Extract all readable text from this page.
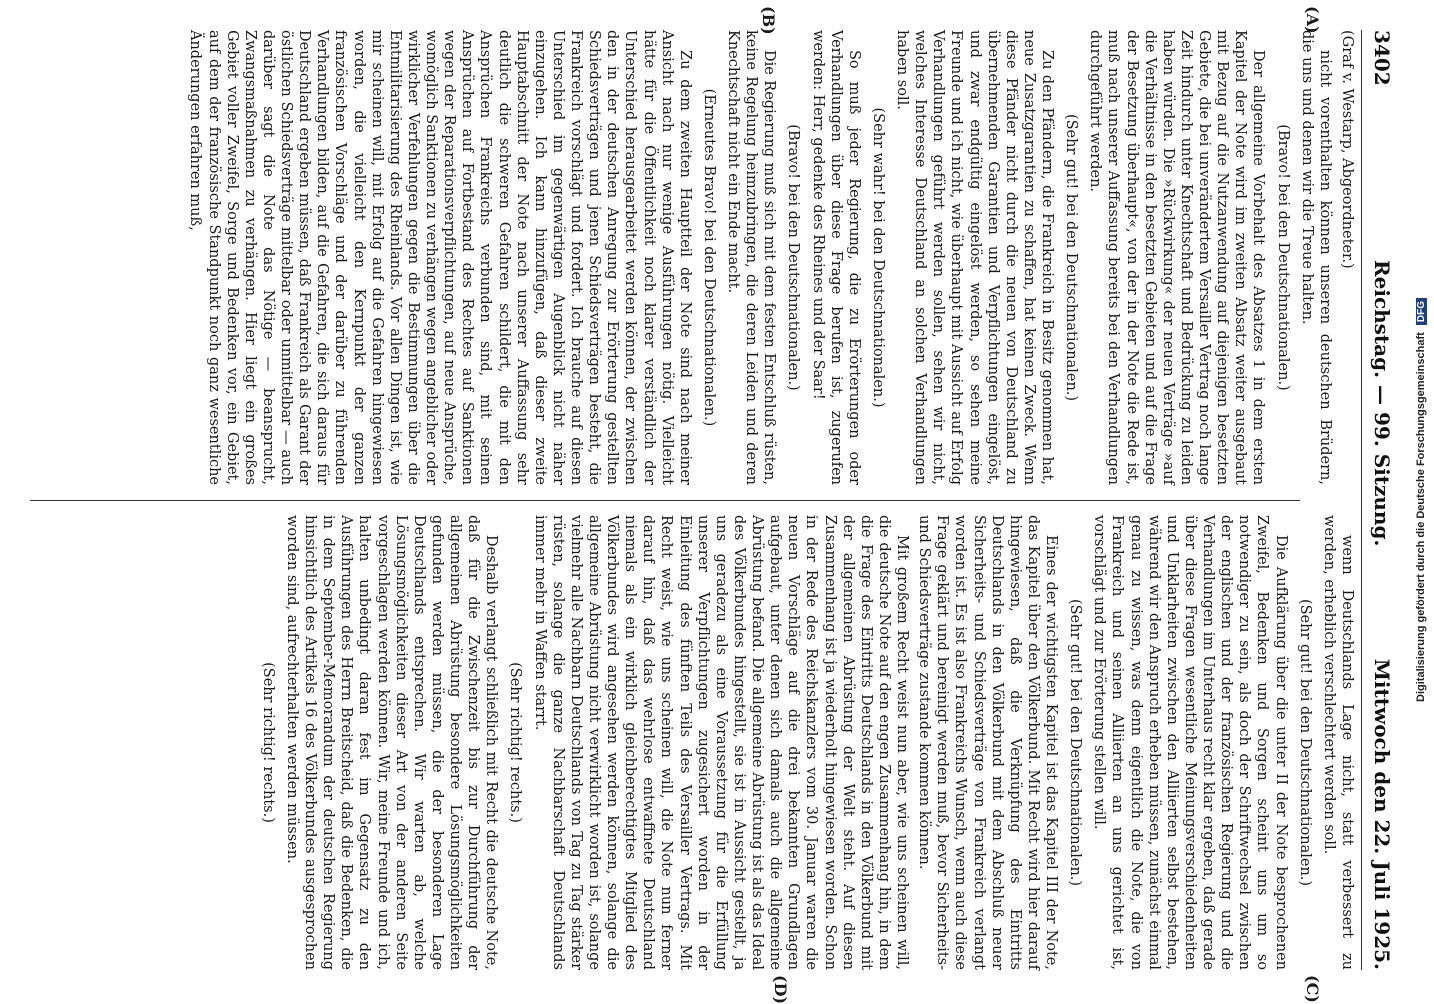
Digitalisierung gefördert durch die Deutsche Forschungsgemeinschaft DFG
3402
Reichstag. — 99. Sitzung.
Mittwoch den 22. Juli 1925.
(A)
(B)
(C)
(D)

(Graf v. Westarp, Abgeordneter.)

nicht vorenthalten können unseren deutschen Brüdern, die uns und denen wir die Treue halten.

(Bravo! bei den Deutschnationalen.)

Der allgemeine Vorbehalt des Absatzes 1 in dem ersten Kapitel der Note wird im zweiten Absatz weiter ausgebaut mit Bezug auf die Nutzanwendung auf diejenigen besetzten Gebiete, die bei unverändertem Versailler Vertrag noch lange Zeit hindurch unter Knechtschaft und Bedrückung zu leiden haben würden. Die »Rückwirkung« der neuen Verträge »auf die Verhältnisse in den besetzten Gebieten und auf die Frage der Besetzung überhaupt«, von der in der Note die Rede ist, muß nach unserer Auffassung bereits bei den Verhandlungen durchgeführt werden.

(Sehr gut! bei den Deutschnationalen.)

Zu den Pfändern, die Frankreich in Besitz genommen hat, neue Zusatzgarantien zu schaffen, hat keinen Zweck. Wenn diese Pfänder nicht durch die neuen von Deutschland zu übernehmenden Garantien und Verpflichtungen eingelöst, und zwar endgültig eingelöst werden, so sehen meine Freunde und ich nicht, wie überhaupt mit Aussicht auf Erfolg Verhandlungen geführt werden sollen, sehen wir nicht, welches Interesse Deutschland an solchen Verhandlungen haben soll.

(Sehr wahr! bei den Deutschnationalen.)

So muß jeder Regierung, die zu Erörterungen oder Verhandlungen über diese Frage berufen ist, zugerufen werden: Herr, gedenke des Rheines und der Saar!

(Bravo! bei den Deutschnationalen.)

Die Regierung muß sich mit dem festen Entschluß rüsten, keine Regelung heimzubringen, die deren Leiden und deren Knechtschaft nicht ein Ende macht.

(Erneutes Bravo! bei den Deutschnationalen.)

Zu dem zweiten Hauptteil der Note sind nach meiner Ansicht nach nur wenige Ausführungen nötig. Vielleicht hätte für die Öffentlichkeit noch klarer verständlich der Unterschied herausgearbeitet werden können, der zwischen den in der deutschen Anregung zur Erörterung gestellten Schiedsverträgen und jenen Schiedsverträgen besteht, die Frankreich vorschlägt und fordert. Ich brauche auf diesen Unterschied im gegenwärtigen Augenblick nicht näher einzugehen. Ich kann hinzufügen, daß dieser zweite Hauptabschnitt der Note nach unserer Auffassung sehr deutlich die schweren Gefahren schildert, die mit den Ansprüchen Frankreichs verbunden sind, mit seinen Ansprüchen auf Fortbestand des Rechtes auf Sanktionen wegen der Reparationsverpflichtungen, auf neue Ansprüche, womöglich Sanktionen zu verhängen wegen angeblicher oder wirklicher Verfehlungen gegen die Bestimmungen über die Entmilitarisierung des Rheinlands. Vor allen Dingen ist, wie mir scheinen will, mit Erfolg auf die Gefahren hingewiesen worden, die vielleicht den Kernpunkt der ganzen französischen Vorschläge und der darüber zu führenden Verhandlungen bilden, auf die Gefahren, die sich daraus für Deutschland ergeben müssen, daß Frankreich als Garant der östlichen Schiedsverträge mittelbar oder unmittelbar — auch darüber sagt die Note das Nötige — beansprucht, Zwangsmaßnahmen zu verhängen. Hier liegt ein großes Gebiet voller Zweifel, Sorge und Bedenken vor, ein Gebiet, auf dem der französische Standpunkt noch ganz wesentliche Änderungen erfahren muß,

wenn Deutschlands Lage nicht, statt verbessert zu werden, erheblich verschlechtert werden soll.

(Sehr gut! bei den Deutschnationalen.)

Die Aufklärung über die unter II der Note besprochenen Zweifel, Bedenken und Sorgen scheint uns um so notwendiger zu sein, als doch der Schriftwechsel zwischen der englischen und der französischen Regierung und die Verhandlungen im Unterhaus recht klar ergeben, daß gerade über diese Fragen wesentliche Meinungsverschiedenheiten und Unklarheiten zwischen den Alliierten selbst bestehen, während wir den Anspruch erheben müssen, zunächst einmal genau zu wissen, was denn eigentlich die Note, die von Frankreich und seinen Alliierten an uns gerichtet ist, vorschlägt und zur Erörterung stellen will.

(Sehr gut! bei den Deutschnationalen.)

Eines der wichtigsten Kapitel ist das Kapitel III der Note, das Kapitel über den Völkerbund. Mit Recht wird hier darauf hingewiesen, daß die Verknüpfung des Eintritts Deutschlands in den Völkerbund mit dem Abschluß neuer Sicherheits- und Schiedsverträge von Frankreich verlangt worden ist. Es ist also Frankreichs Wunsch, wenn auch diese Frage geklärt und bereinigt werden muß, bevor Sicherheits- und Schiedsverträge zustande kommen können.

Mit großem Recht weist nun aber, wie uns scheinen will, die deutsche Note auf den engen Zusammenhang hin, in dem die Frage des Eintritts Deutschlands in den Völkerbund mit der allgemeinen Abrüstung der Welt steht. Auf diesen Zusammenhang ist ja wiederholt hingewiesen worden. Schon in der Rede des Reichskanzlers vom 30. Januar waren die neuen Vorschläge auf die drei bekannten Grundlagen aufgebaut, unter denen sich damals auch die allgemeine Abrüstung befand. Die allgemeine Abrüstung ist als das Ideal des Völkerbundes hingestellt, sie ist in Aussicht gestellt, ja uns geradezu als eine Voraussetzung für die Erfüllung unserer Verpflichtungen zugesichert worden in der Einleitung des fünften Teils des Versailler Vertrags. Mit Recht weist, wie uns scheinen will, die Note nun ferner darauf hin, daß das wehrlose entwaffnete Deutschland niemals als ein wirklich gleichberechtigtes Mitglied des Völkerbundes wird angesehen werden können, solange die allgemeine Abrüstung nicht verwirklicht worden ist, solange vielmehr alle Nachbarn Deutschlands von Tag zu Tag stärker rüsten, solange die ganze Nachbarschaft Deutschlands immer mehr in Waffen starrt.

(Sehr richtig! rechts.)

Deshalb verlangt schließlich mit Recht die deutsche Note, daß für die Zwischenzeit bis zur Durchführung der allgemeinen Abrüstung besondere Lösungsmöglichkeiten gefunden werden müssen, die der besonderen Lage Deutschlands entsprechen. Wir warten ab, welche Lösungsmöglichkeiten dieser Art von der anderen Seite vorgeschlagen werden können. Wir, meine Freunde und ich, halten unbedingt daran fest im Gegensatz zu den Ausführungen des Herrn Breitscheid, daß die Bedenken, die in dem September-Memorandum der deutschen Regierung hinsichtlich des Artikels 16 des Völkerbundes ausgesprochen worden sind, aufrechterhalten werden müssen.

(Sehr richtig! rechts.)
